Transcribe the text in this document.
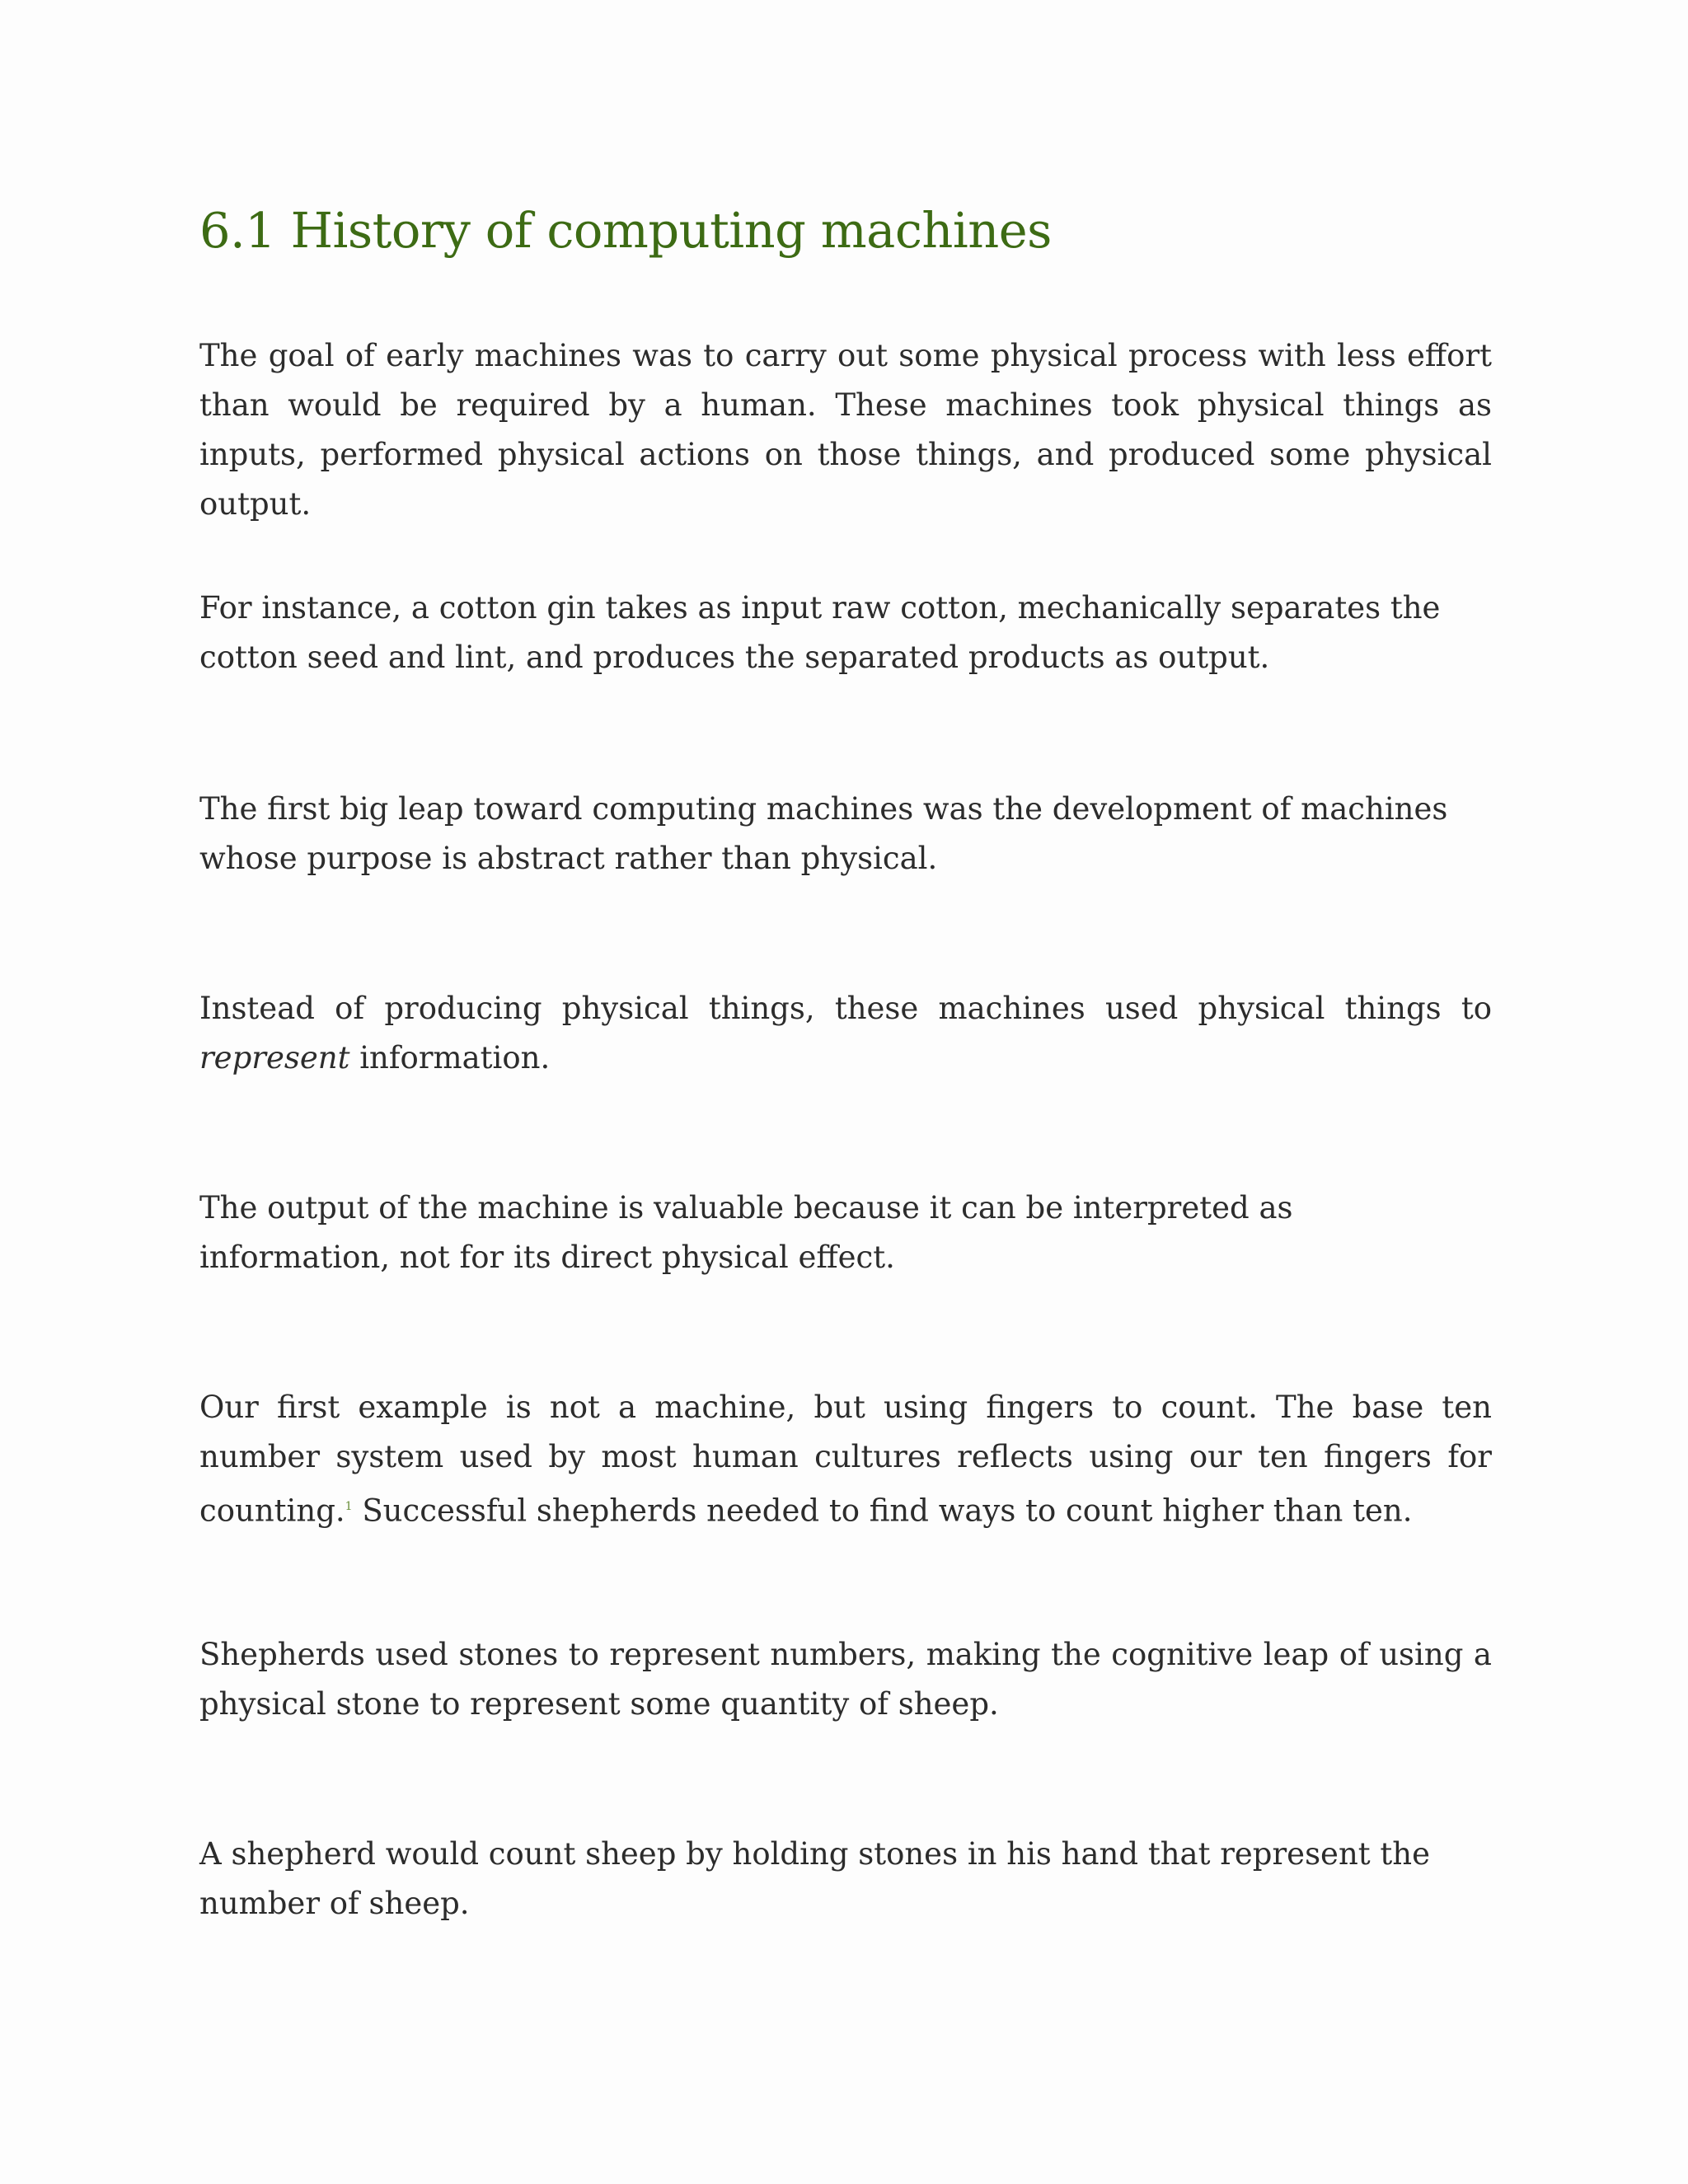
6.1 History of computing machines

The goal of early machines was to carry out some physical process with less effort than would be required by a human. These machines took physical things as inputs, performed physical actions on those things, and produced some physical output.

For instance, a cotton gin takes as input raw cotton, mechanically separates the cotton seed and lint, and produces the separated products as output.

The first big leap toward computing machines was the development of machines whose purpose is abstract rather than physical.

Instead of producing physical things, these machines used physical things to represent information.

The output of the machine is valuable because it can be interpreted as information, not for its direct physical effect.

Our first example is not a machine, but using fingers to count. The base ten number system used by most human cultures reflects using our ten fingers for counting.$^1$ Successful shepherds needed to find ways to count higher than ten.

Shepherds used stones to represent numbers, making the cognitive leap of using a physical stone to represent some quantity of sheep.

A shepherd would count sheep by holding stones in his hand that represent the number of sheep.
